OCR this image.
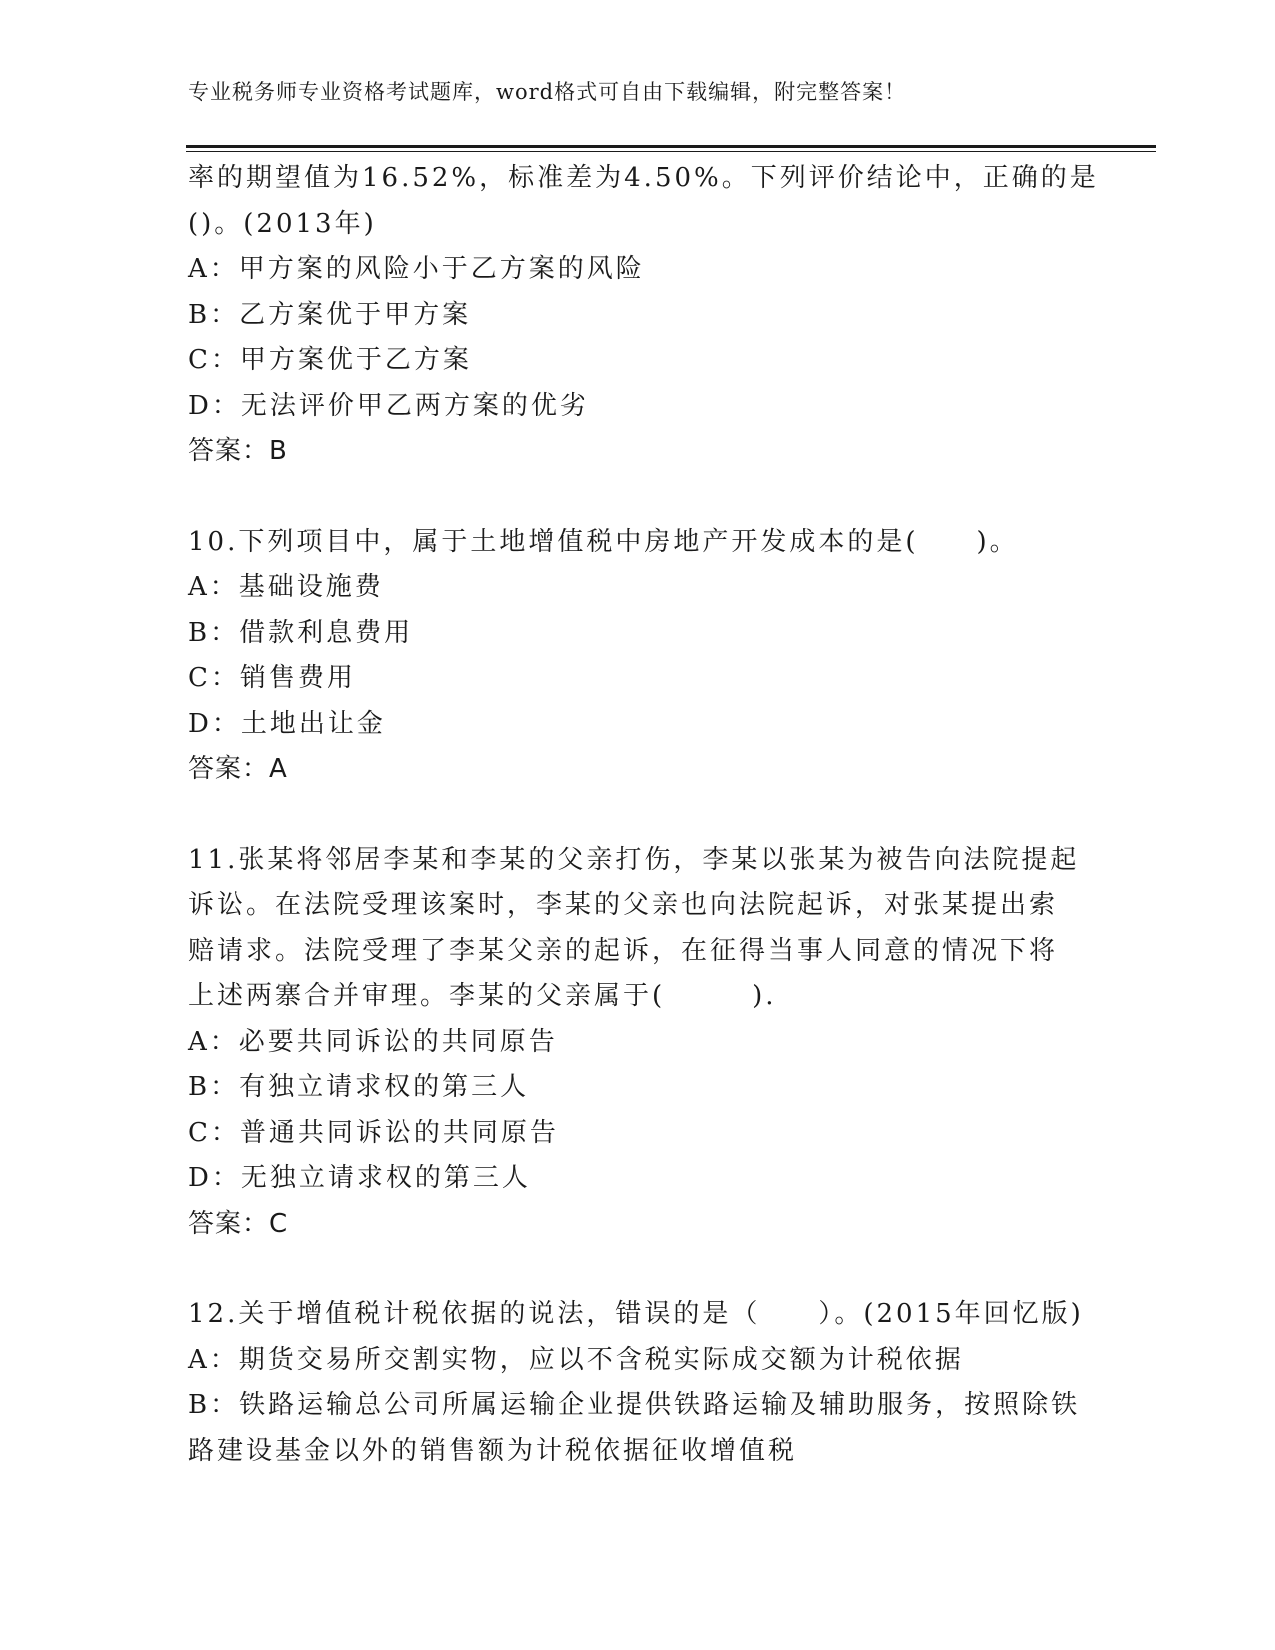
专业税务师专业资格考试题库，word格式可自由下载编辑，附完整答案！
率的期望值为16.52%，标准差为4.50%。下列评价结论中，正确的是
()。(2013年)
A：甲方案的风险小于乙方案的风险
B：乙方案优于甲方案
C：甲方案优于乙方案
D：无法评价甲乙两方案的优劣
答案：B
10.下列项目中，属于土地增值税中房地产开发成本的是(　　)。
A：基础设施费
B：借款利息费用
C：销售费用
D：土地出让金
答案：A
11.张某将邻居李某和李某的父亲打伤，李某以张某为被告向法院提起
诉讼。在法院受理该案时，李某的父亲也向法院起诉，对张某提出索
赔请求。法院受理了李某父亲的起诉，在征得当事人同意的情况下将
上述两寨合并审理。李某的父亲属于(　　　).
A：必要共同诉讼的共同原告
B：有独立请求权的第三人
C：普通共同诉讼的共同原告
D：无独立请求权的第三人
答案：C
12.关于增值税计税依据的说法，错误的是（　　）。(2015年回忆版)
A：期货交易所交割实物，应以不含税实际成交额为计税依据
B：铁路运输总公司所属运输企业提供铁路运输及辅助服务，按照除铁
路建设基金以外的销售额为计税依据征收增值税
